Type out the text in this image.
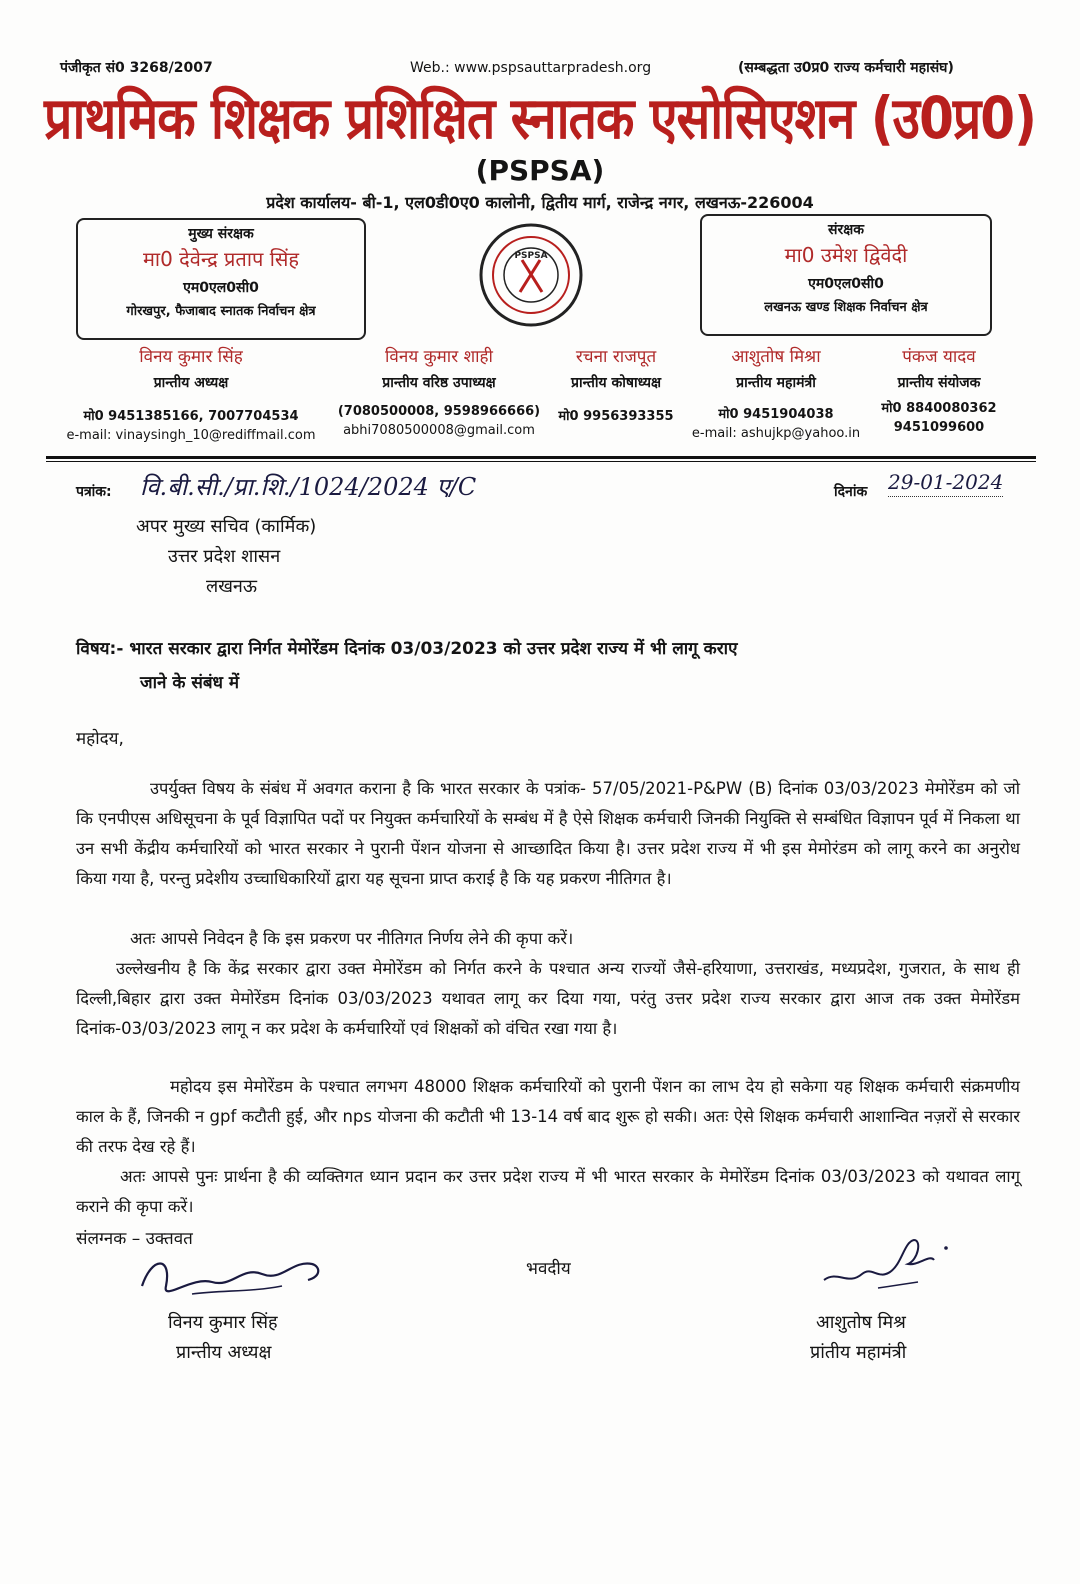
पंजीकृत सं0 3268/2007	Web.: www.pspsauttarpradesh.org	(सम्बद्धता उ0प्र0 राज्य कर्मचारी महासंघ)
प्राथमिक शिक्षक प्रशिक्षित स्नातक एसोसिएशन (उ0प्र0)
(PSPSA)
प्रदेश कार्यालय- बी-1, एल0डी0ए0 कालोनी, द्वितीय मार्ग, राजेन्द्र नगर, लखनऊ-226004
मुख्य संरक्षक
मा0 देवेन्द्र प्रताप सिंह
एम0एल0सी0
गोरखपुर, फैजाबाद स्नातक निर्वाचन क्षेत्र
PSPSA
संरक्षक
मा0 उमेश द्विवेदी
एम0एल0सी0
लखनऊ खण्ड शिक्षक निर्वाचन क्षेत्र
विनय कुमार सिंह
प्रान्तीय अध्यक्ष
मो0 9451385166, 7007704534
e-mail: vinaysingh_10@rediffmail.com
विनय कुमार शाही
प्रान्तीय वरिष्ठ उपाध्यक्ष
(7080500008, 9598966666)
abhi7080500008@gmail.com
रचना राजपूत
प्रान्तीय कोषाध्यक्ष
मो0 9956393355
आशुतोष मिश्रा
प्रान्तीय महामंत्री
मो0 9451904038
e-mail: ashujkp@yahoo.in
पंकज यादव
प्रान्तीय संयोजक
मो0 8840080362
9451099600
पत्रांक: वि.बी.सी./प्रा.शि./1024/2024 ए/C	दिनांक 29-01-2024
अपर मुख्य सचिव (कार्मिक)
उत्तर प्रदेश शासन
लखनऊ
विषय:- भारत सरकार द्वारा निर्गत मेमोरेंडम दिनांक 03/03/2023 को उत्तर प्रदेश राज्य में भी लागू कराए
जाने के संबंध में
महोदय,
उपर्युक्त विषय के संबंध में अवगत कराना है कि भारत सरकार के पत्रांक- 57/05/2021-P&PW (B) दिनांक 03/03/2023 मेमोरेंडम को जो कि एनपीएस अधिसूचना के पूर्व विज्ञापित पदों पर नियुक्त कर्मचारियों के सम्बंध में है ऐसे शिक्षक कर्मचारी जिनकी नियुक्ति से सम्बंधित विज्ञापन पूर्व में निकला था उन सभी केंद्रीय कर्मचारियों को भारत सरकार ने पुरानी पेंशन योजना से आच्छादित किया है। उत्तर प्रदेश राज्य में भी इस मेमोरंडम को लागू करने का अनुरोध किया गया है, परन्तु प्रदेशीय उच्चाधिकारियों द्वारा यह सूचना प्राप्त कराई है कि यह प्रकरण नीतिगत है।
अतः आपसे निवेदन है कि इस प्रकरण पर नीतिगत निर्णय लेने की कृपा करें।
उल्लेखनीय है कि केंद्र सरकार द्वारा उक्त मेमोरेंडम को निर्गत करने के पश्चात अन्य राज्यों जैसे-हरियाणा, उत्तराखंड, मध्यप्रदेश, गुजरात, के साथ ही दिल्ली,बिहार द्वारा उक्त मेमोरेंडम दिनांक 03/03/2023 यथावत लागू कर दिया गया, परंतु उत्तर प्रदेश राज्य सरकार द्वारा आज तक उक्त मेमोरेंडम दिनांक-03/03/2023 लागू न कर प्रदेश के कर्मचारियों एवं शिक्षकों को वंचित रखा गया है।
महोदय इस मेमोरेंडम के पश्चात लगभग 48000 शिक्षक कर्मचारियों को पुरानी पेंशन का लाभ देय हो सकेगा यह शिक्षक कर्मचारी संक्रमणीय काल के हैं, जिनकी न gpf कटौती हुई, और nps योजना की कटौती भी 13-14 वर्ष बाद शुरू हो सकी। अतः ऐसे शिक्षक कर्मचारी आशान्वित नज़रों से सरकार की तरफ देख रहे हैं।
अतः आपसे पुनः प्रार्थना है की व्यक्तिगत ध्यान प्रदान कर उत्तर प्रदेश राज्य में भी भारत सरकार के मेमोरेंडम दिनांक 03/03/2023 को यथावत लागू कराने की कृपा करें।
संलग्नक – उक्तवत
भवदीय
विनय कुमार सिंह
प्रान्तीय अध्यक्ष
आशुतोष मिश्र
प्रांतीय महामंत्री
